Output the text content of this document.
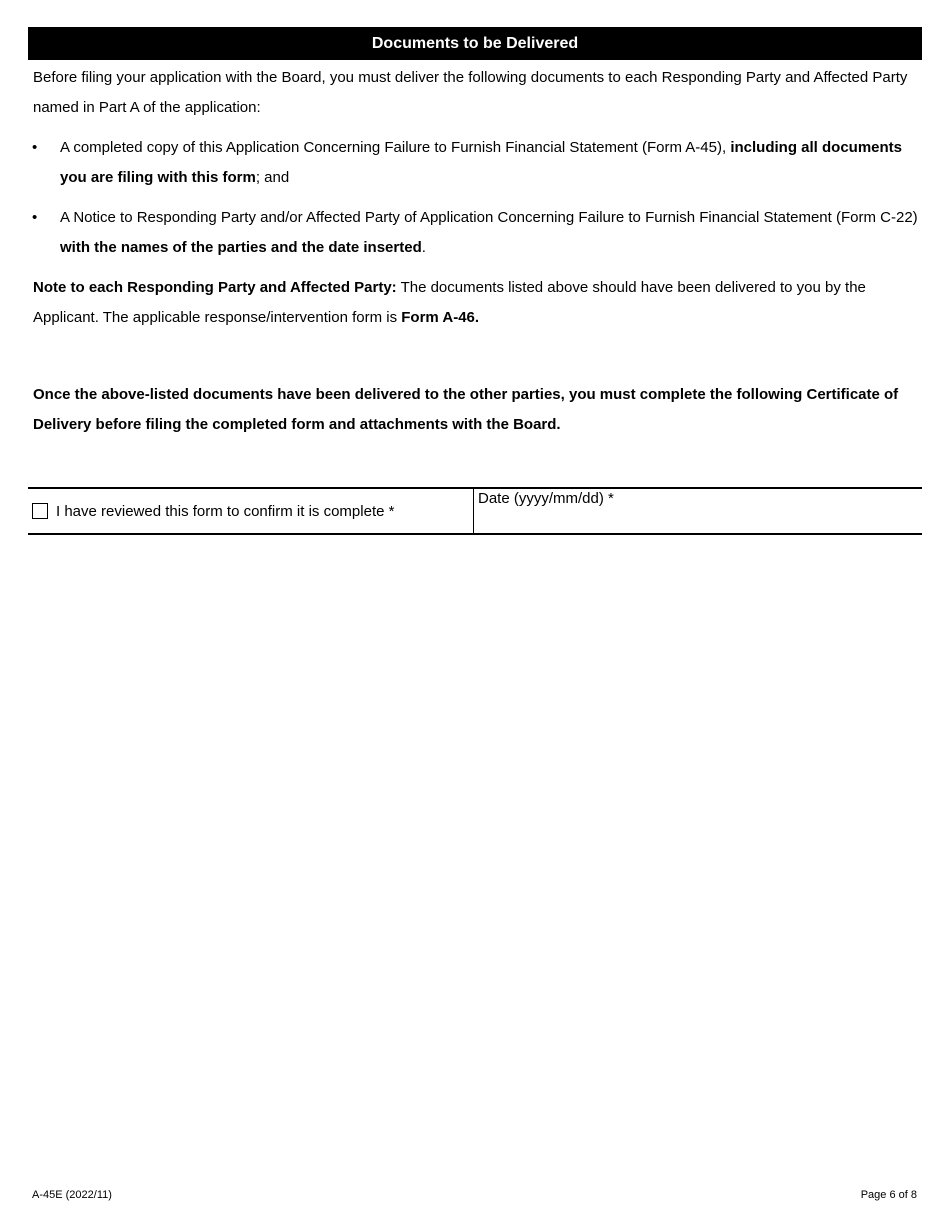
Documents to be Delivered

Before filing your application with the Board, you must deliver the following documents to each Responding Party and Affected Party named in Part A of the application:

• A completed copy of this Application Concerning Failure to Furnish Financial Statement (Form A-45), including all documents you are filing with this form; and
• A Notice to Responding Party and/or Affected Party of Application Concerning Failure to Furnish Financial Statement (Form C-22) with the names of the parties and the date inserted.

Note to each Responding Party and Affected Party: The documents listed above should have been delivered to you by the Applicant. The applicable response/intervention form is Form A-46.

Once the above-listed documents have been delivered to the other parties, you must complete the following Certificate of Delivery before filing the completed form and attachments with the Board.

I have reviewed this form to confirm it is complete *
Date (yyyy/mm/dd) *
A-45E (2022/11)	Page 6 of 8
